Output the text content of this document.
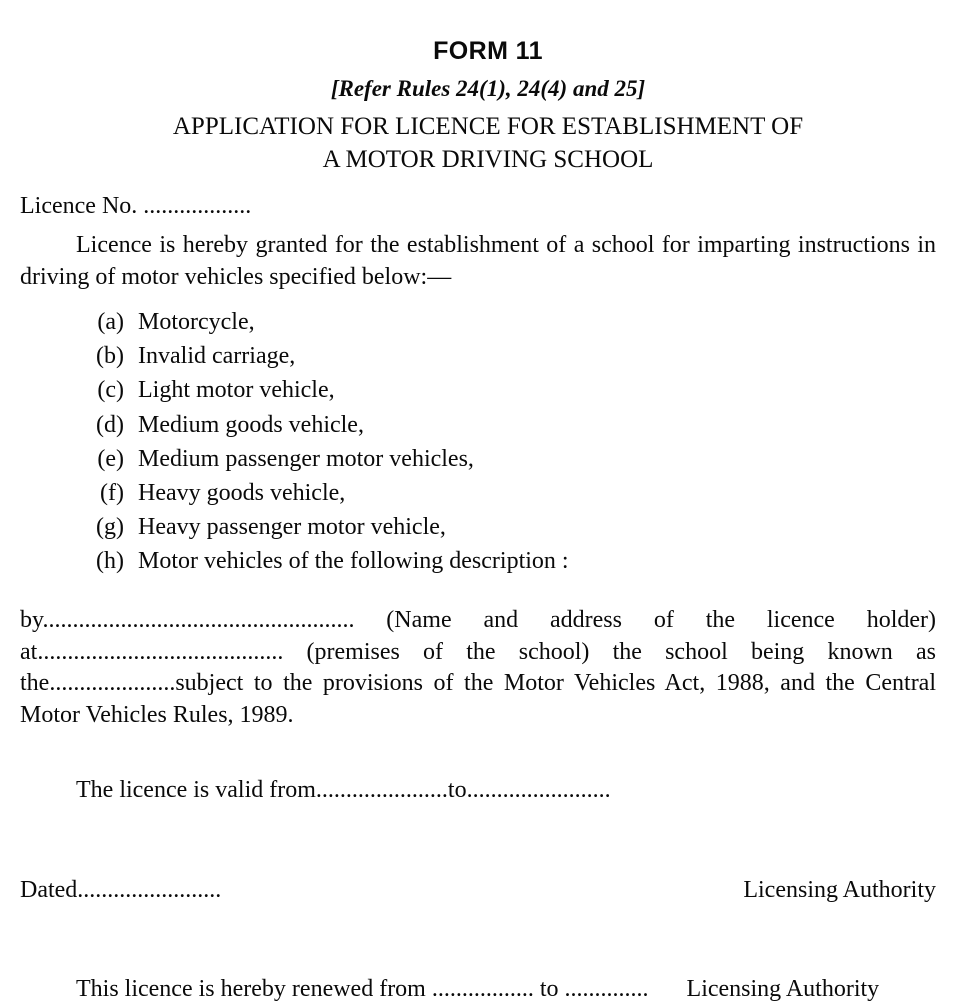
FORM 11
[Refer Rules 24(1), 24(4) and 25]
APPLICATION FOR LICENCE FOR ESTABLISHMENT OF
A MOTOR DRIVING SCHOOL
Licence No. ..................
Licence is hereby granted for the establishment of a school for imparting instructions in driving of motor vehicles specified below:—
(a) Motorcycle,
(b) Invalid carriage,
(c) Light motor vehicle,
(d) Medium goods vehicle,
(e) Medium passenger motor vehicles,
(f) Heavy goods vehicle,
(g) Heavy passenger motor vehicle,
(h) Motor vehicles of the following description :
by.................................................... (Name and address of the licence holder)
at......................................... (premises of the school) the school being known as
the.....................subject to the provisions of the Motor Vehicles Act, 1988, and the Central
Motor Vehicles Rules, 1989.
The licence is valid from......................to........................
Dated........................	Licensing Authority
This licence is hereby renewed from ................. to .............. Licensing Authority
